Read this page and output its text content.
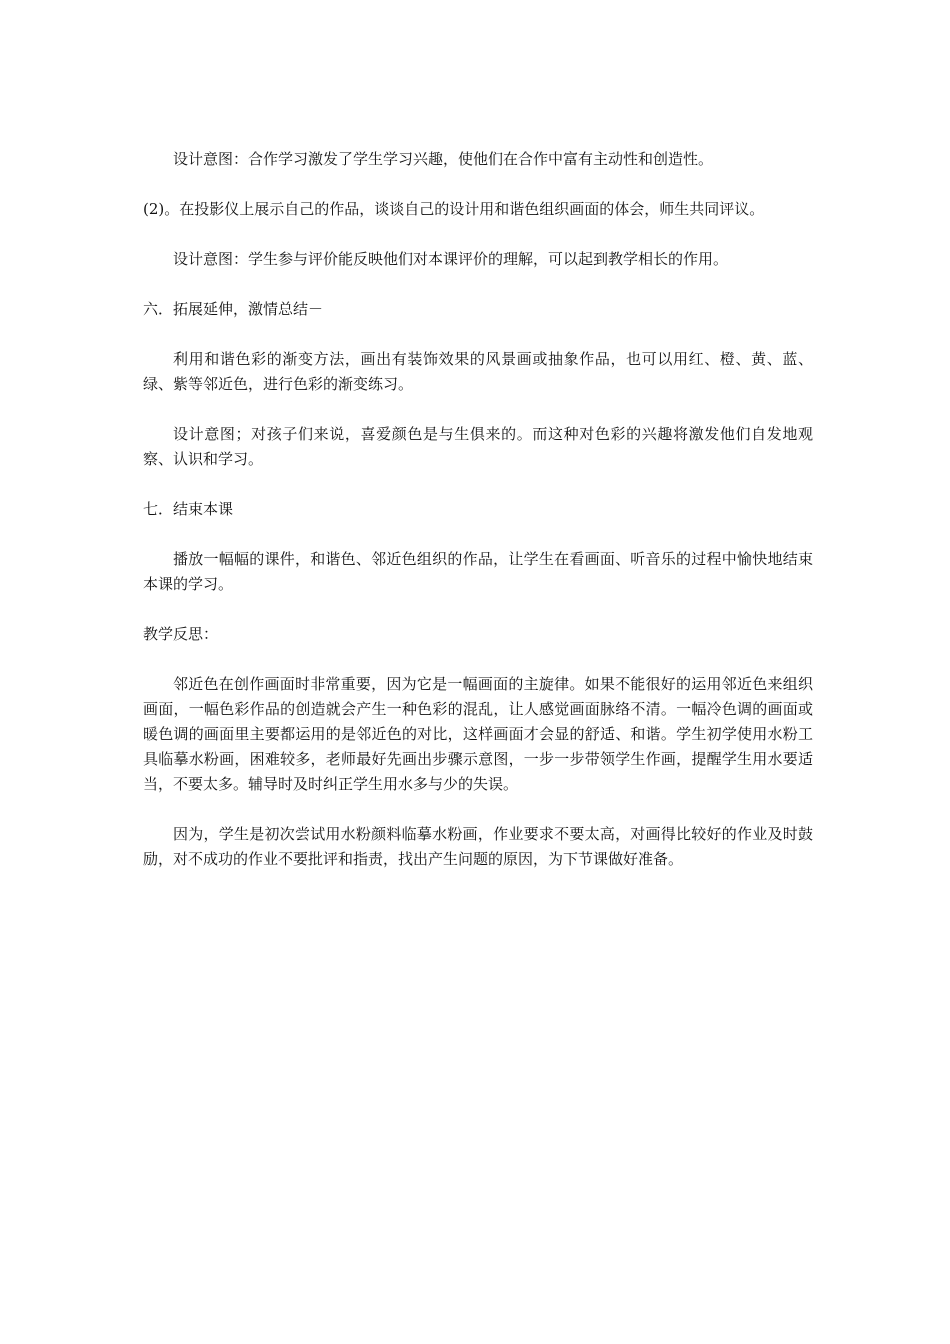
设计意图：合作学习激发了学生学习兴趣，使他们在合作中富有主动性和创造性。

(2)。在投影仪上展示自己的作品，谈谈自己的设计用和谐色组织画面的体会，师生共同评议。

设计意图：学生参与评价能反映他们对本课评价的理解，可以起到教学相长的作用。

六．拓展延伸，激情总结－

利用和谐色彩的渐变方法，画出有装饰效果的风景画或抽象作品，也可以用红、橙、黄、蓝、绿、紫等邻近色，进行色彩的渐变练习。

设计意图；对孩子们来说，喜爱颜色是与生俱来的。而这种对色彩的兴趣将激发他们自发地观察、认识和学习。

七．结束本课

播放一幅幅的课件，和谐色、邻近色组织的作品，让学生在看画面、听音乐的过程中愉快地结束本课的学习。

教学反思：

邻近色在创作画面时非常重要，因为它是一幅画面的主旋律。如果不能很好的运用邻近色来组织画面，一幅色彩作品的创造就会产生一种色彩的混乱，让人感觉画面脉络不清。一幅冷色调的画面或暖色调的画面里主要都运用的是邻近色的对比，这样画面才会显的舒适、和谐。学生初学使用水粉工具临摹水粉画，困难较多，老师最好先画出步骤示意图，一步一步带领学生作画，提醒学生用水要适当，不要太多。辅导时及时纠正学生用水多与少的失误。

因为，学生是初次尝试用水粉颜料临摹水粉画，作业要求不要太高，对画得比较好的作业及时鼓励，对不成功的作业不要批评和指责，找出产生问题的原因，为下节课做好准备。
